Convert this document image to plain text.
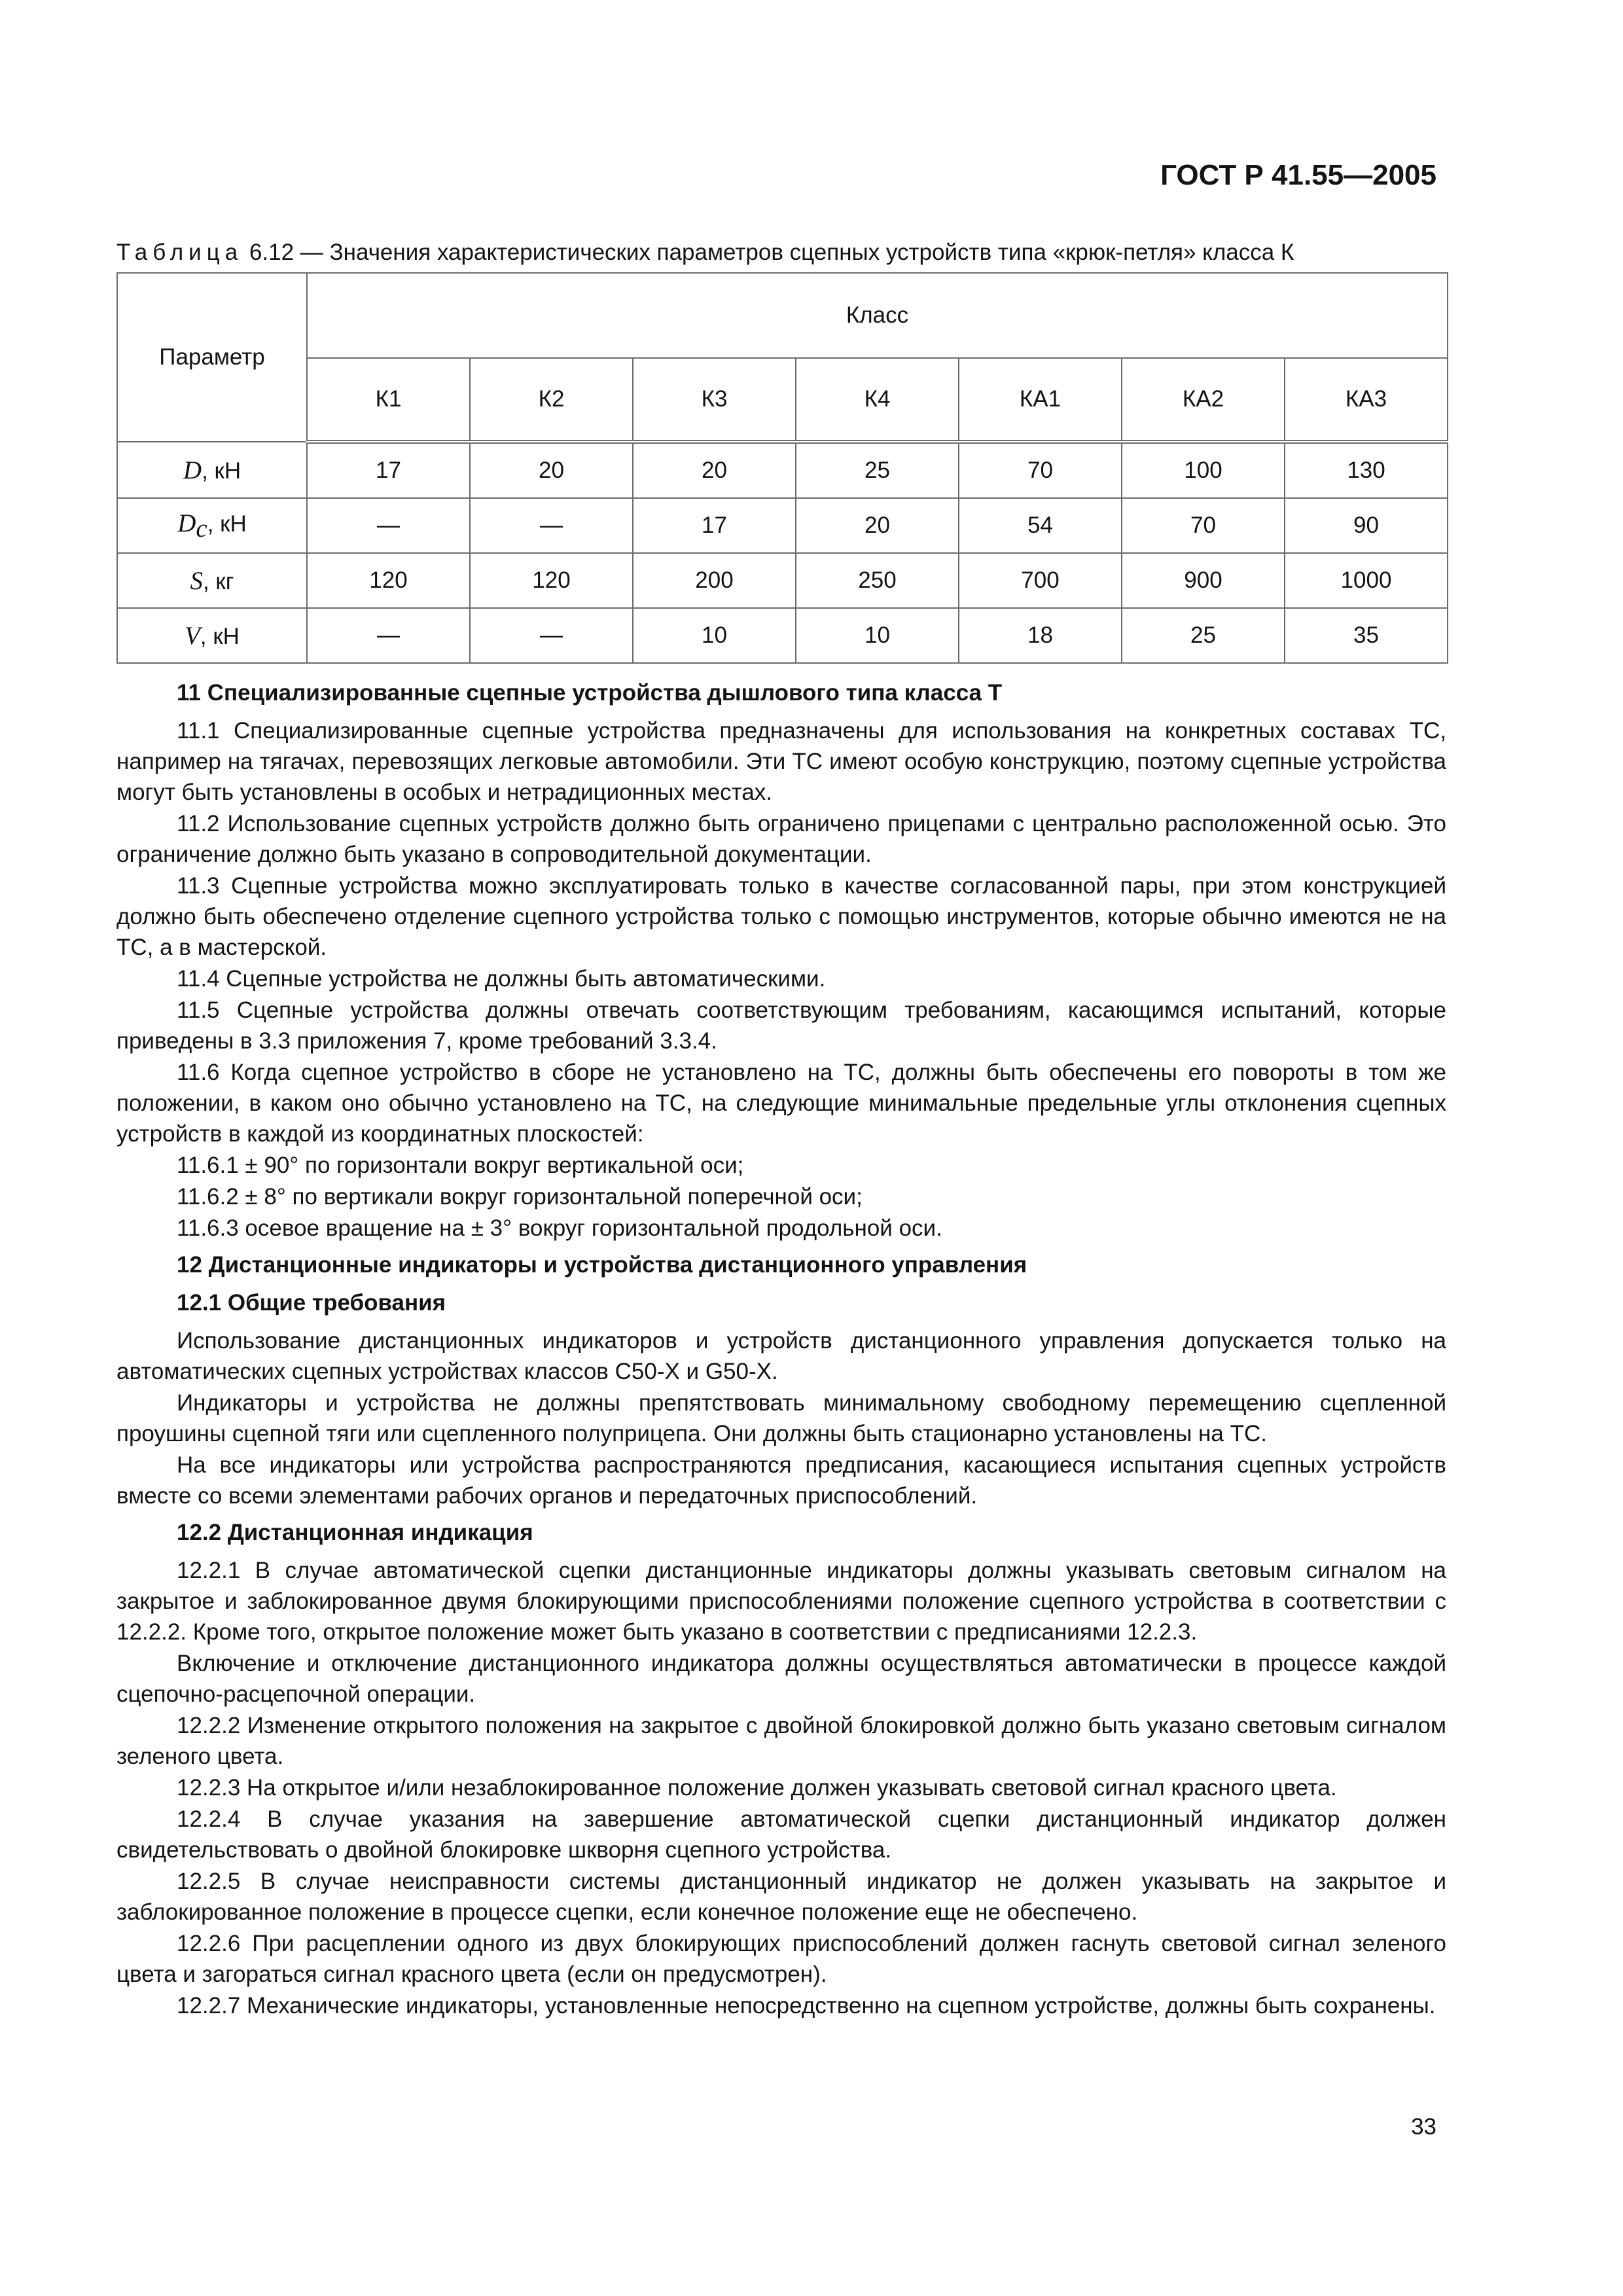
ГОСТ Р 41.55—2005
Таблица 6.12 — Значения характеристических параметров сцепных устройств типа «крюк-петля» класса К
Параметр	Класс						
	К1	К2	К3	К4	КА1	КА2	КА3
D, кН	17	20	20	25	70	100	130
$D_c$, кН	—	—	17	20	54	70	90
S, кг	120	120	200	250	700	900	1000
V, кН	—	—	10	10	18	25	35
11 Специализированные сцепные устройства дышлового типа класса Т

11.1 Специализированные сцепные устройства предназначены для использования на конкретных составах ТС, например на тягачах, перевозящих легковые автомобили. Эти ТС имеют особую конструкцию, поэтому сцепные устройства могут быть установлены в особых и нетрадиционных местах.

11.2 Использование сцепных устройств должно быть ограничено прицепами с центрально расположенной осью. Это ограничение должно быть указано в сопроводительной документации.

11.3 Сцепные устройства можно эксплуатировать только в качестве согласованной пары, при этом конструкцией должно быть обеспечено отделение сцепного устройства только с помощью инструментов, которые обычно имеются не на ТС, а в мастерской.

11.4 Сцепные устройства не должны быть автоматическими.

11.5 Сцепные устройства должны отвечать соответствующим требованиям, касающимся испытаний, которые приведены в 3.3 приложения 7, кроме требований 3.3.4.

11.6 Когда сцепное устройство в сборе не установлено на ТС, должны быть обеспечены его повороты в том же положении, в каком оно обычно установлено на ТС, на следующие минимальные предельные углы отклонения сцепных устройств в каждой из координатных плоскостей:

11.6.1 ± 90° по горизонтали вокруг вертикальной оси;

11.6.2 ± 8° по вертикали вокруг горизонтальной поперечной оси;

11.6.3 осевое вращение на ± 3° вокруг горизонтальной продольной оси.

12 Дистанционные индикаторы и устройства дистанционного управления
12.1 Общие требования

Использование дистанционных индикаторов и устройств дистанционного управления допускается только на автоматических сцепных устройствах классов С50-Х и G50-Х.

Индикаторы и устройства не должны препятствовать минимальному свободному перемещению сцепленной проушины сцепной тяги или сцепленного полуприцепа. Они должны быть стационарно установлены на ТС.

На все индикаторы или устройства распространяются предписания, касающиеся испытания сцепных устройств вместе со всеми элементами рабочих органов и передаточных приспособлений.

12.2 Дистанционная индикация

12.2.1 В случае автоматической сцепки дистанционные индикаторы должны указывать световым сигналом на закрытое и заблокированное двумя блокирующими приспособлениями положение сцепного устройства в соответствии с 12.2.2. Кроме того, открытое положение может быть указано в соответствии с предписаниями 12.2.3.

Включение и отключение дистанционного индикатора должны осуществляться автоматически в процессе каждой сцепочно-расцепочной операции.

12.2.2 Изменение открытого положения на закрытое с двойной блокировкой должно быть указано световым сигналом зеленого цвета.

12.2.3 На открытое и/или незаблокированное положение должен указывать световой сигнал красного цвета.

12.2.4 В случае указания на завершение автоматической сцепки дистанционный индикатор должен свидетельствовать о двойной блокировке шкворня сцепного устройства.

12.2.5 В случае неисправности системы дистанционный индикатор не должен указывать на закрытое и заблокированное положение в процессе сцепки, если конечное положение еще не обеспечено.

12.2.6 При расцеплении одного из двух блокирующих приспособлений должен гаснуть световой сигнал зеленого цвета и загораться сигнал красного цвета (если он предусмотрен).

12.2.7 Механические индикаторы, установленные непосредственно на сцепном устройстве, должны быть сохранены.

33
